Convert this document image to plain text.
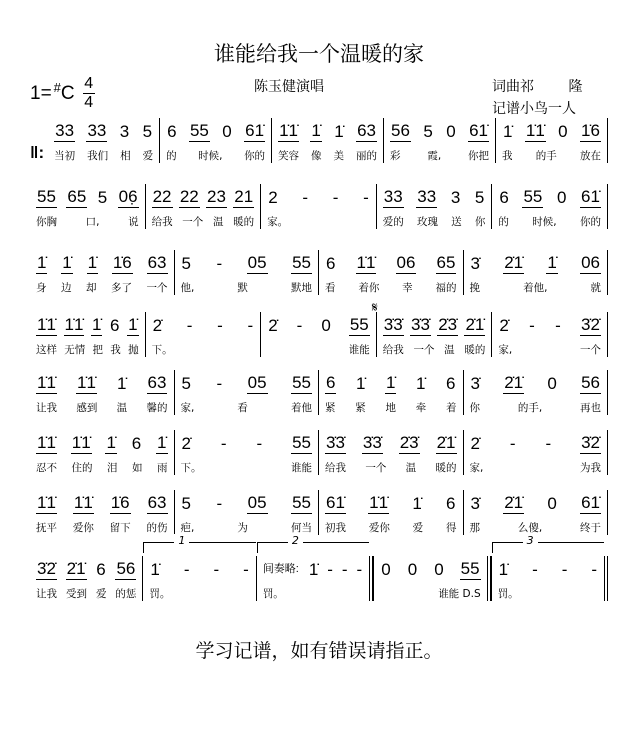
谁能给我一个温暖的家
1= # C $\frac{4}{4}$	陈玉健演唱	词曲祁 隆
记谱小鸟一人
‖:
33 33 3 5
当初 我们 相 爱
6 55 0 61̇
的 时候, 你的
1̇1̇ 1̇ 1̇ 63
笑容 像 美 丽的
56 5 0 61̇
彩	霞,	你把
1̇ 1̇1̇ 0 1̇6
我 的手 放在
55 65 5 06̣
你胸	口,	说
22 22 23 21
给我 一个 温 暖的
2 - - -
家。
33 33 3 5
爱的 玫瑰 送 你
6 55 0 61̇
的 时候, 你的
1̇ 1̇ 1̇ 1̇6 63
身 边 却 多了 一个
5 - 05 55
他,	默	默地
6 1̇1̇ 06 65
看 着你 幸 福的
3̇ 2̇1̇ 1̇ 06
挽	着他,	就
1̇1̇ 1̇1̇ 1̇ 6 1̇
这样 无情 把 我 抛
2̇ - - -
下。
2̇ - 0 55
谁能
𝄋
3̇3̇ 3̇3̇ 2̇3̇ 2̇1̇
给我 一个 温 暖的
2̇ - - 3̇2̇
家,	一个
1̇1̇ 1̇1̇ 1̇ 63
让我 感到 温 馨的
5 - 05 55
家,	看	着他
6 1̇ 1̇ 1̇ 6
紧 紧 地 牵 着
3̇ 2̇1̇ 0 56
你	的手,	再也
1̇1̇ 1̇1̇ 1̇ 6 1̇
忍不 住的 泪 如 雨
2̇ - - 55
下。	谁能
3̇3̇ 3̇3̇ 2̇3̇ 2̇1̇
给我 一个 温 暖的
2̇ - - 3̇2̇
家,	为我
1̇1̇ 1̇1̇ 1̇6 63
抚平 爱你 留下 的伤
5 - 05 55
疤,	为	何当
61̇ 1̇1̇ 1̇ 6
初我 爱你 爱 得
3̇ 2̇1̇ 0 61̇
那	么傻,	终于
3̇2̇ 2̇1̇ 6 56
让我 受到 爱 的惩
1
1̇ - - -
罚。
2
间奏略: 1̇ - - -
罚。
0 0 0 55
谁能 D.S
3
1̇ - - -
罚。
学习记谱，如有错误请指正。
